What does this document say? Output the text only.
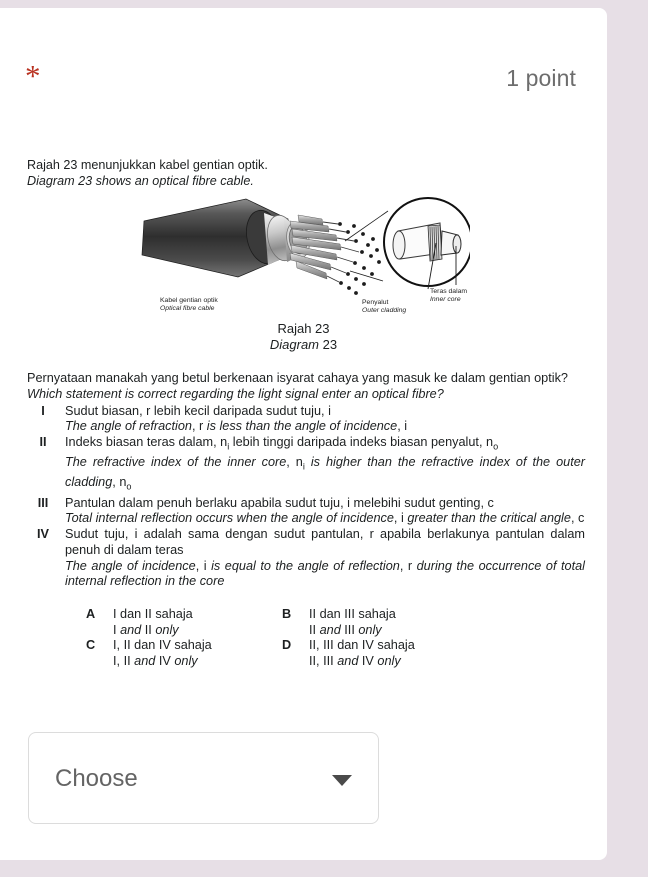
*	1 point
Rajah 23 menunjukkan kabel gentian optik.
Diagram 23 shows an optical fibre cable.
Kabel gentian optik
Optical fibre cable
Penyalut
Outer cladding
Teras dalam
Inner core
Rajah 23
Diagram 23
Pernyataan manakah yang betul berkenaan isyarat cahaya yang masuk ke dalam gentian optik?
Which statement is correct regarding the light signal enter an optical fibre?
I	Sudut biasan, r lebih kecil daripada sudut tuju, i
The angle of refraction, r is less than the angle of incidence, i
II	Indeks biasan teras dalam, $n_i$ lebih tinggi daripada indeks biasan penyalut, $n_o$
The refractive index of the inner core, $n_i$ is higher than the refractive index of the outer cladding, $n_o$
III	Pantulan dalam penuh berlaku apabila sudut tuju, i melebihi sudut genting, c
Total internal reflection occurs when the angle of incidence, i greater than the critical angle, c
IV	Sudut tuju, i adalah sama dengan sudut pantulan, r apabila berlakunya pantulan dalam penuh di dalam teras
The angle of incidence, i is equal to the angle of reflection, r during the occurrence of total internal reflection in the core
A	I dan II sahaja
I and II only
B	II dan III sahaja
II and III only
C	I, II dan IV sahaja
I, II and IV only
D	II, III dan IV sahaja
II, III and IV only
Choose
